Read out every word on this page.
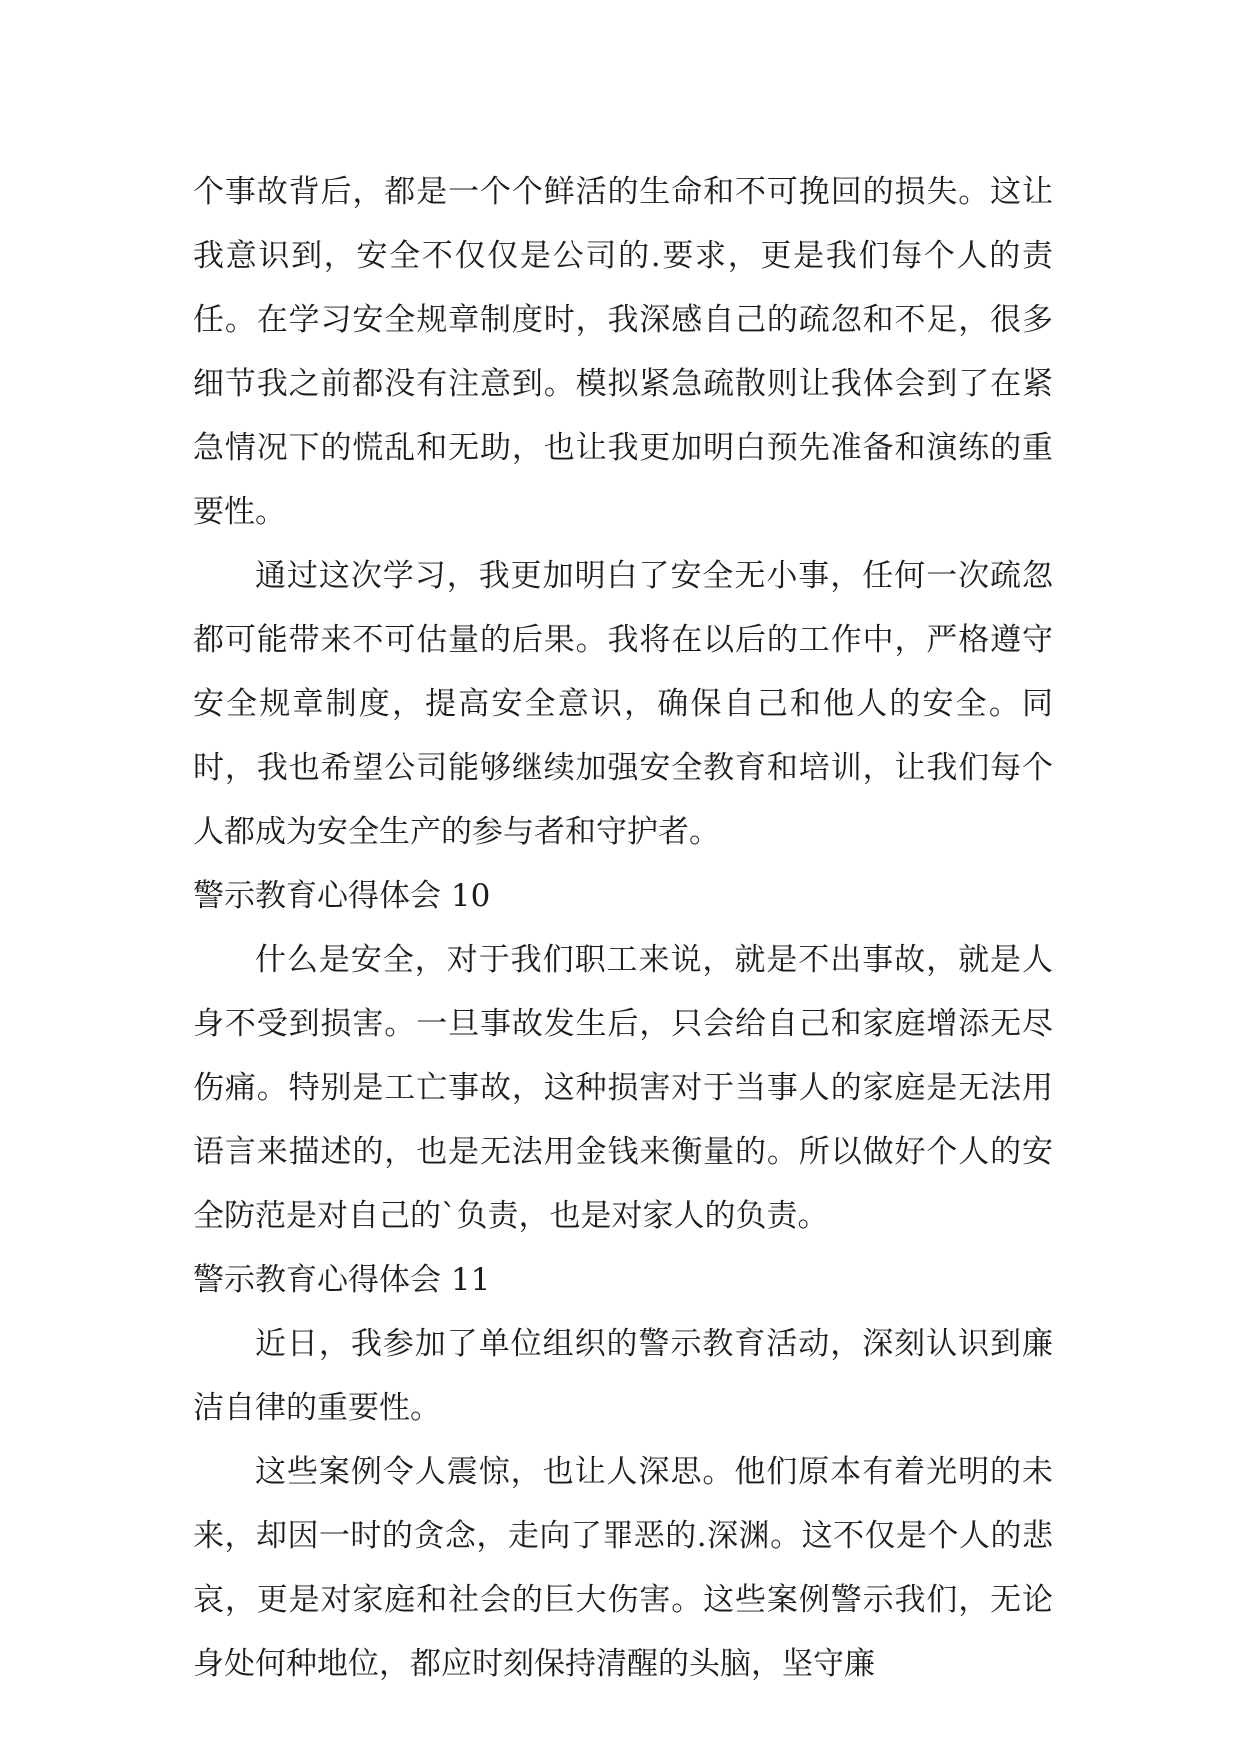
个事故背后，都是一个个鲜活的生命和不可挽回的损失。这让我意识到，安全不仅仅是公司的.要求，更是我们每个人的责任。在学习安全规章制度时，我深感自己的疏忽和不足，很多细节我之前都没有注意到。模拟紧急疏散则让我体会到了在紧急情况下的慌乱和无助，也让我更加明白预先准备和演练的重要性。

通过这次学习，我更加明白了安全无小事，任何一次疏忽都可能带来不可估量的后果。我将在以后的工作中，严格遵守安全规章制度，提高安全意识，确保自己和他人的安全。同时，我也希望公司能够继续加强安全教育和培训，让我们每个人都成为安全生产的参与者和守护者。

警示教育心得体会 10

什么是安全，对于我们职工来说，就是不出事故，就是人身不受到损害。一旦事故发生后，只会给自己和家庭增添无尽伤痛。特别是工亡事故，这种损害对于当事人的家庭是无法用语言来描述的，也是无法用金钱来衡量的。所以做好个人的安全防范是对自己的`负责，也是对家人的负责。

警示教育心得体会 11

近日，我参加了单位组织的警示教育活动，深刻认识到廉洁自律的重要性。

这些案例令人震惊，也让人深思。他们原本有着光明的未来，却因一时的贪念，走向了罪恶的.深渊。这不仅是个人的悲哀，更是对家庭和社会的巨大伤害。这些案例警示我们，无论身处何种地位，都应时刻保持清醒的头脑，坚守廉
